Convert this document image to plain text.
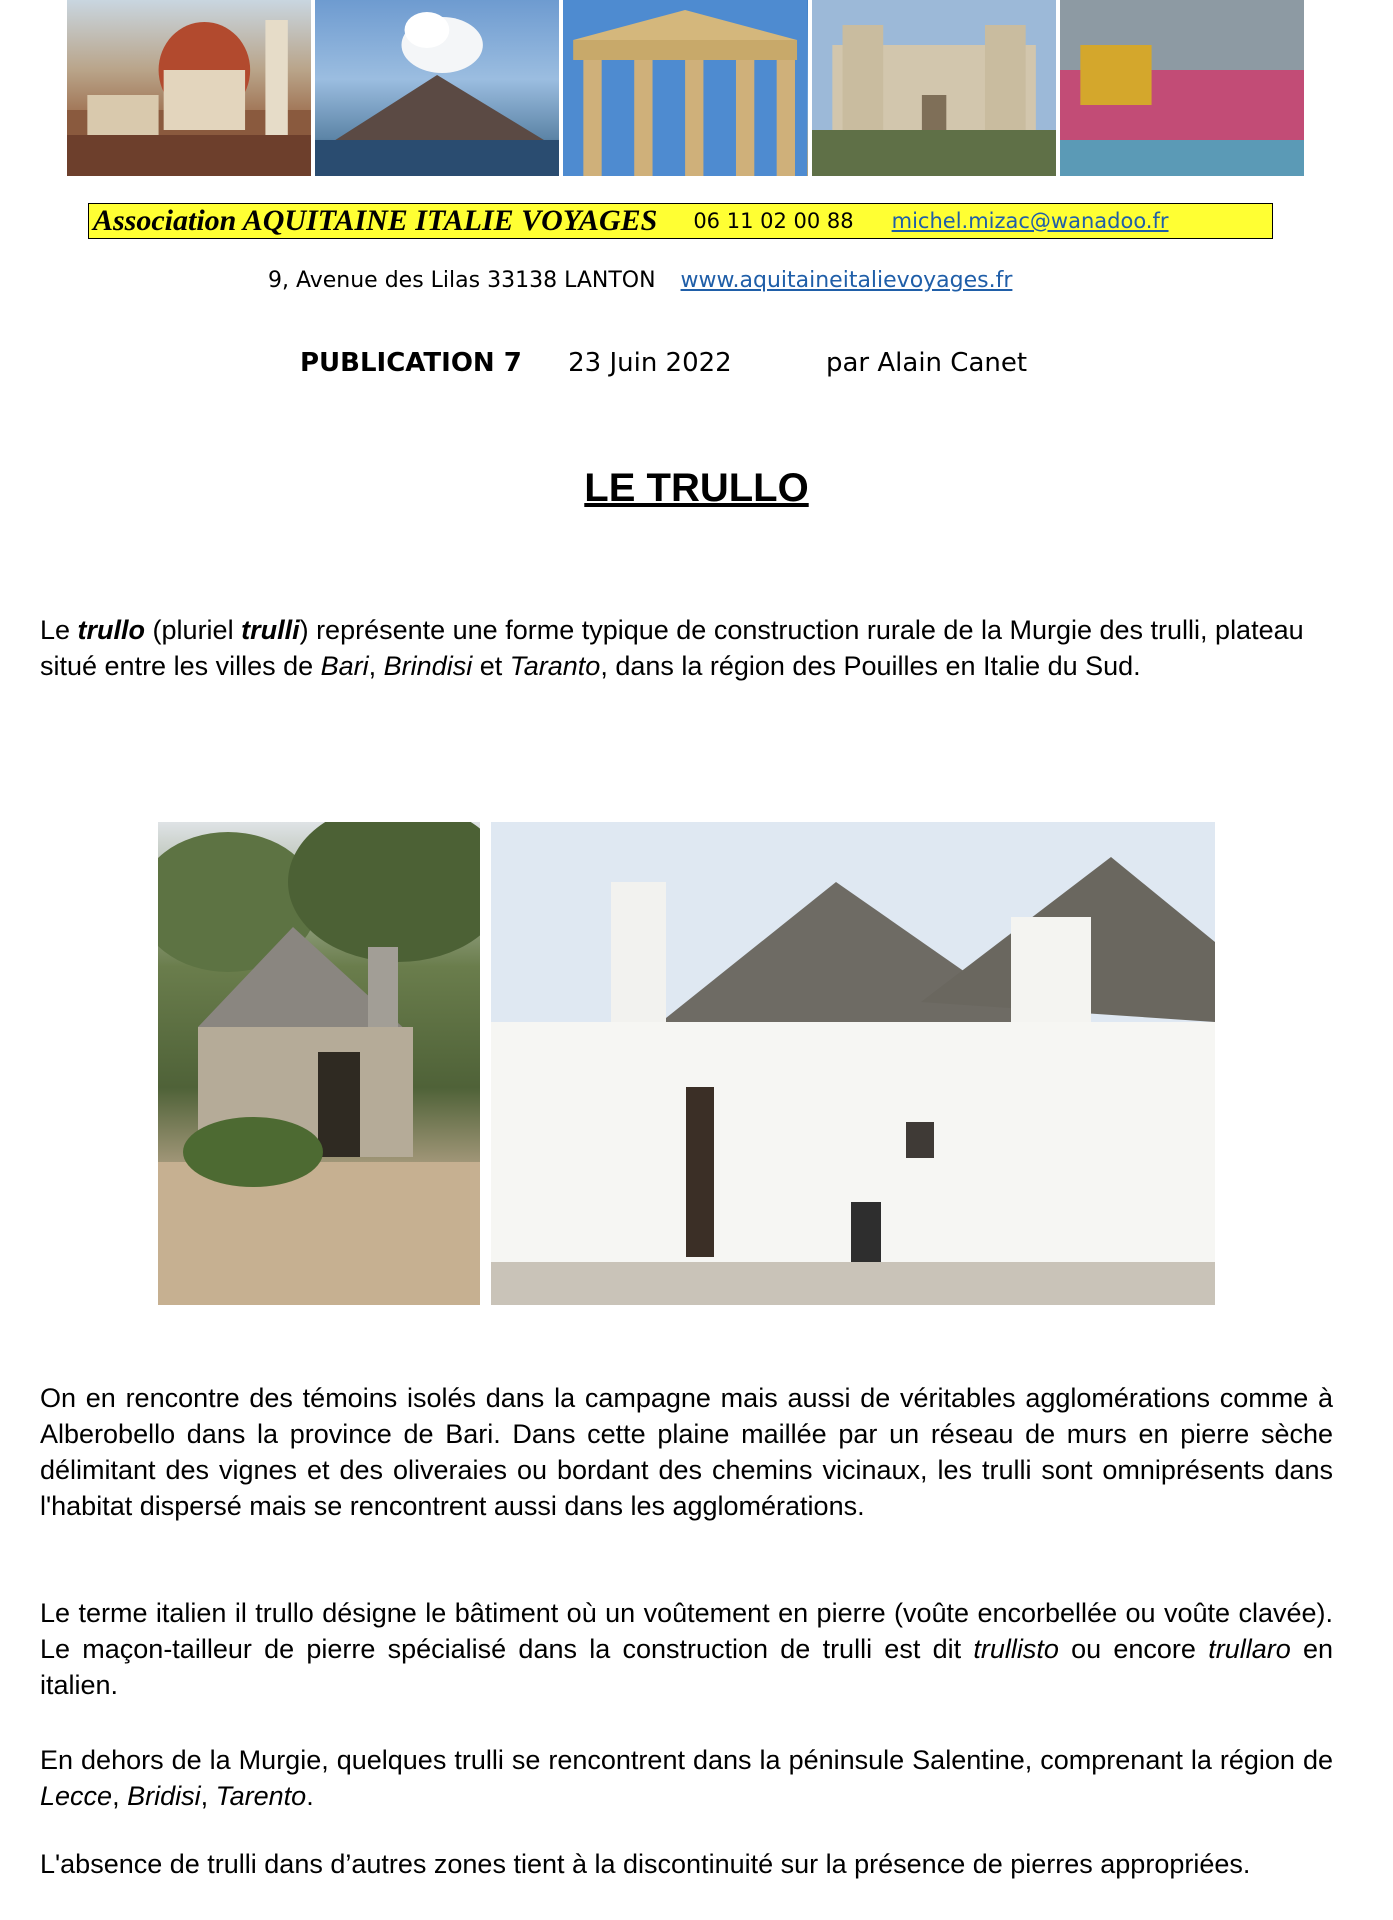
Association AQUITAINE ITALIE VOYAGES 06 11 02 00 88 michel.mizac@wanadoo.fr
9, Avenue des Lilas 33138 LANTON www.aquitaineitalievoyages.fr
PUBLICATION 7 23 Juin 2022	par Alain Canet
LE TRULLO

Le trullo (pluriel trulli) représente une forme typique de construction rurale de la Murgie des trulli, plateau situé entre les villes de Bari, Brindisi et Taranto, dans la région des Pouilles en Italie du Sud.

On en rencontre des témoins isolés dans la campagne mais aussi de véritables agglomérations comme à Alberobello dans la province de Bari. Dans cette plaine maillée par un réseau de murs en pierre sèche délimitant des vignes et des oliveraies ou bordant des chemins vicinaux, les trulli sont omniprésents dans l'habitat dispersé mais se rencontrent aussi dans les agglomérations.

Le terme italien il trullo désigne le bâtiment où un voûtement en pierre (voûte encorbellée ou voûte clavée). Le maçon-tailleur de pierre spécialisé dans la construction de trulli est dit trullisto ou encore trullaro en italien.

En dehors de la Murgie, quelques trulli se rencontrent dans la péninsule Salentine, comprenant la région de Lecce, Bridisi, Tarento.

L'absence de trulli dans d’autres zones tient à la discontinuité sur la présence de pierres appropriées.
